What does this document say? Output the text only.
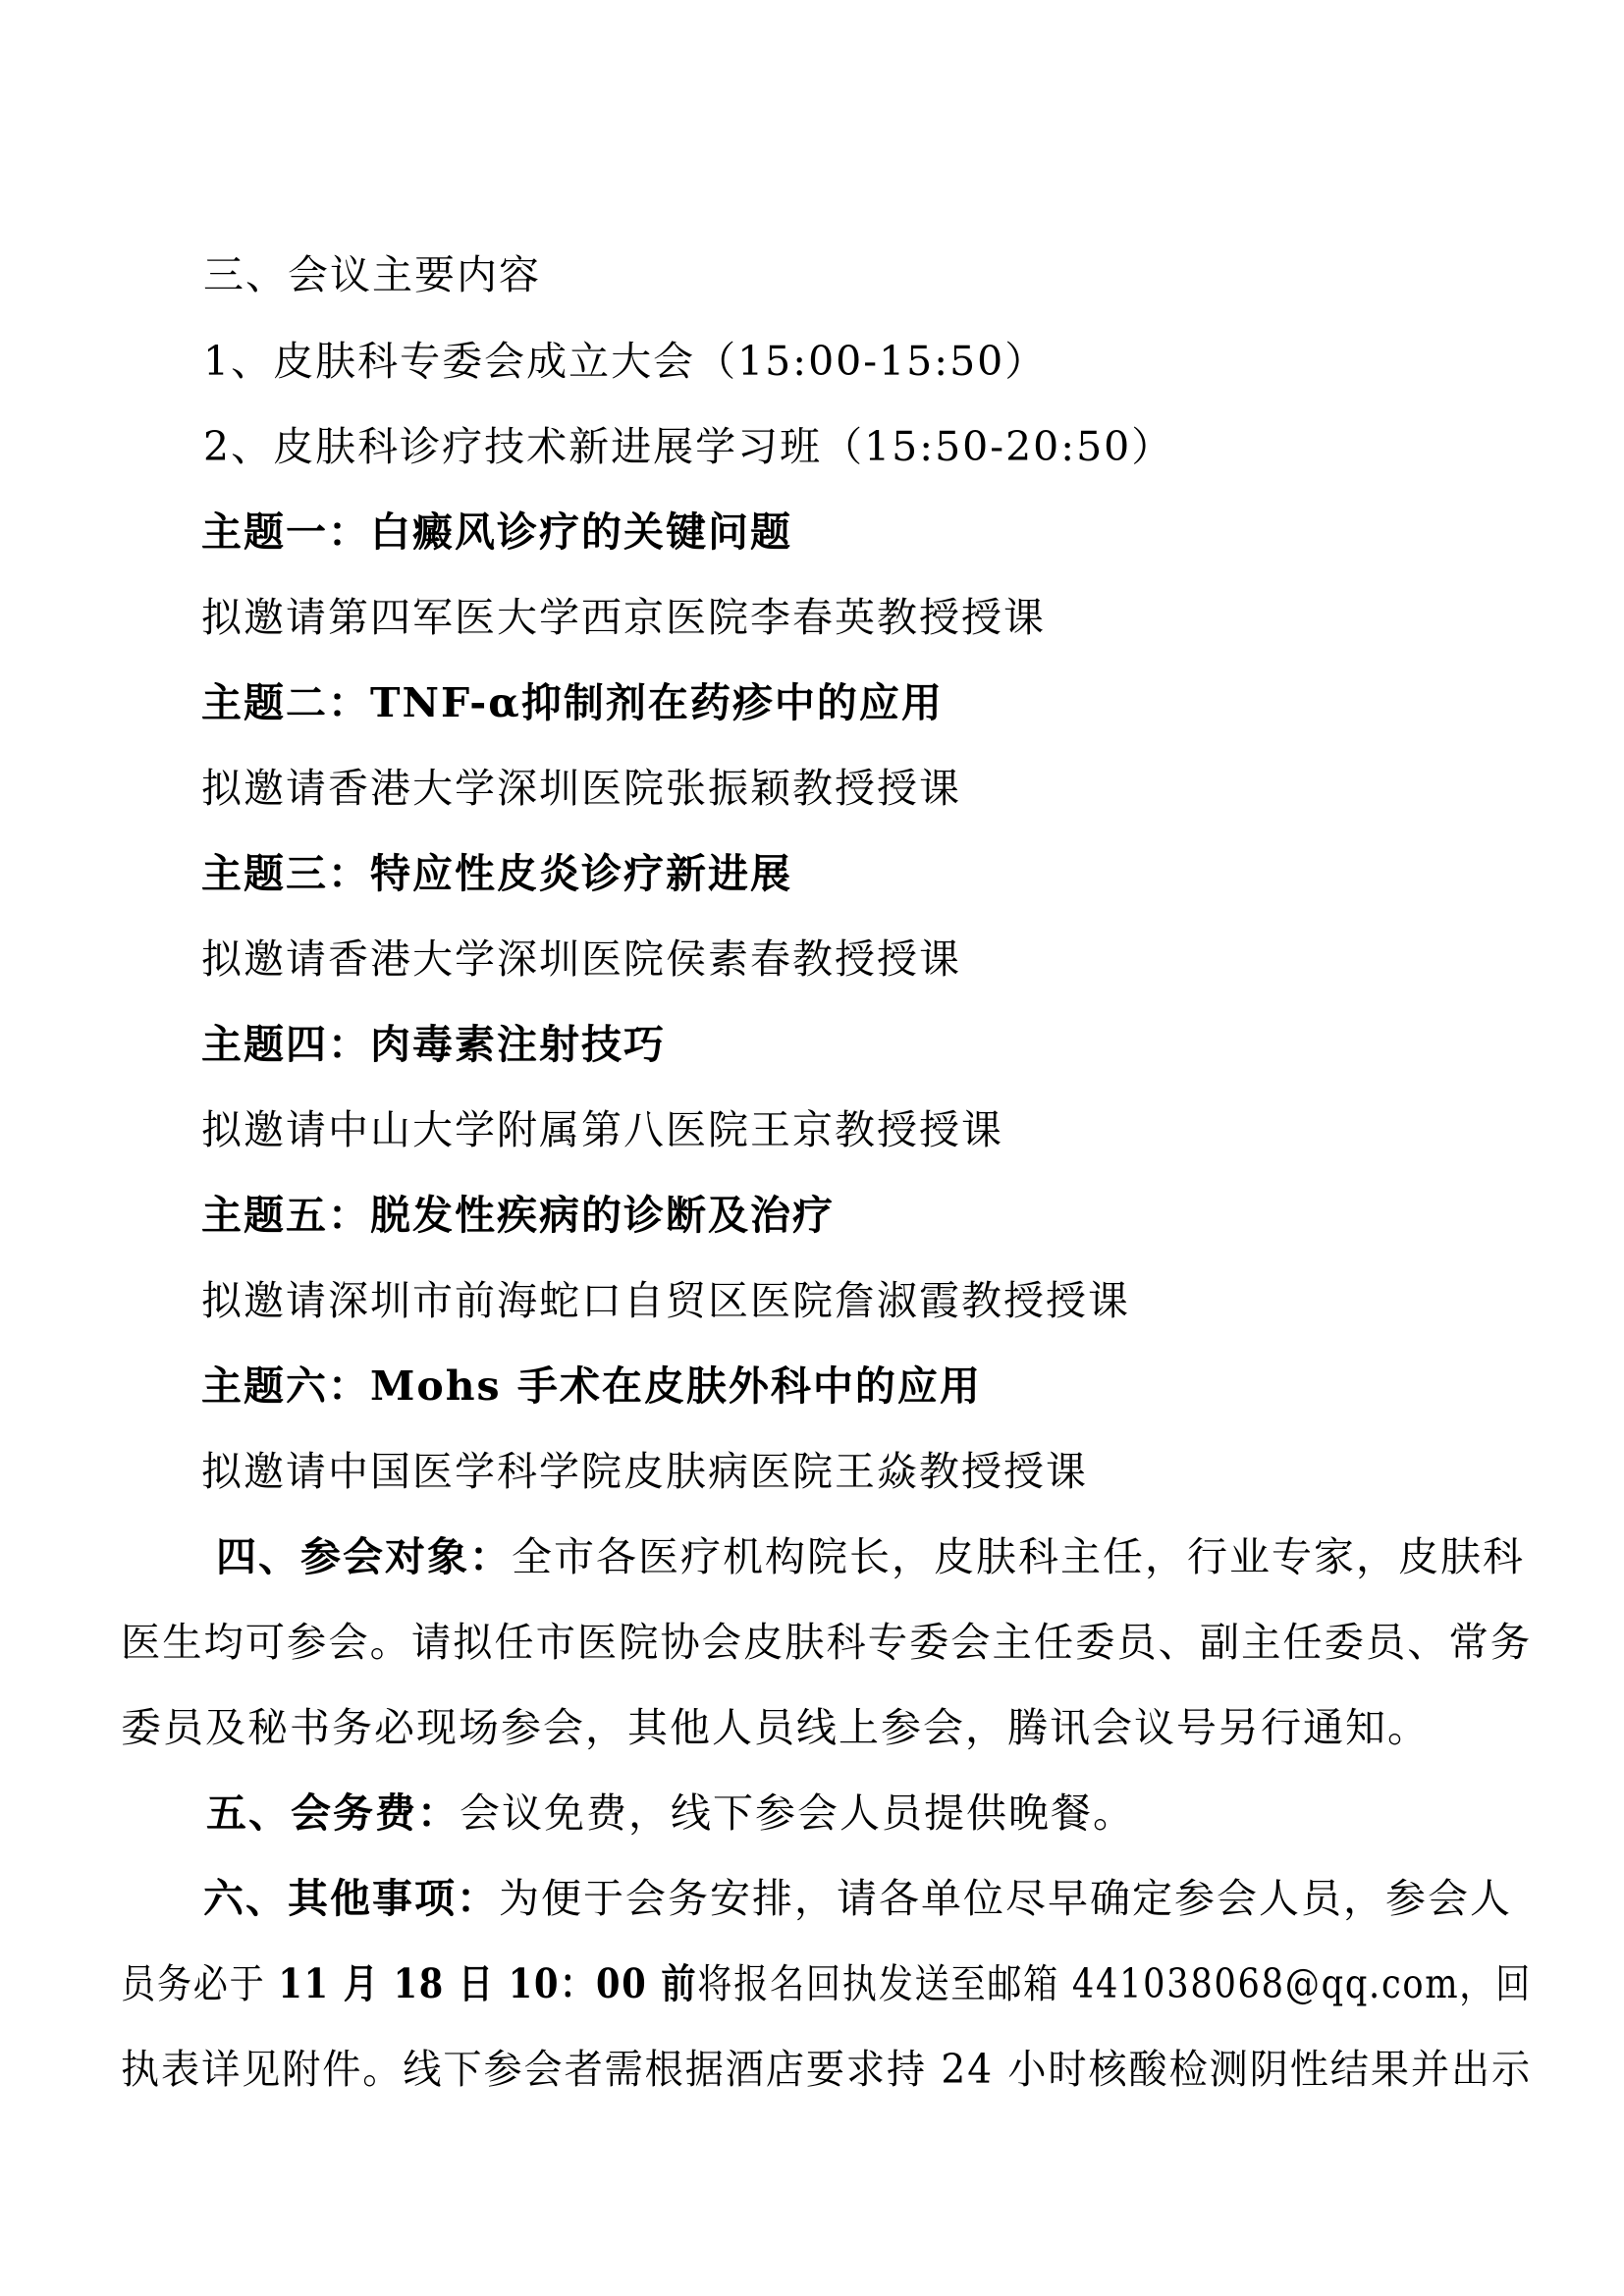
三、会议主要内容
1、皮肤科专委会成立大会（15:00-15:50）
2、皮肤科诊疗技术新进展学习班（15:50-20:50）
主题一：白癜风诊疗的关键问题
拟邀请第四军医大学西京医院李春英教授授课
主题二：TNF-α抑制剂在药疹中的应用
拟邀请香港大学深圳医院张振颖教授授课
主题三：特应性皮炎诊疗新进展
拟邀请香港大学深圳医院侯素春教授授课
主题四：肉毒素注射技巧
拟邀请中山大学附属第八医院王京教授授课
主题五：脱发性疾病的诊断及治疗
拟邀请深圳市前海蛇口自贸区医院詹淑霞教授授课
主题六：Mohs 手术在皮肤外科中的应用
拟邀请中国医学科学院皮肤病医院王焱教授授课
四、参会对象：全市各医疗机构院长，皮肤科主任，行业专家，皮肤科
医生均可参会。请拟任市医院协会皮肤科专委会主任委员、副主任委员、常务
委员及秘书务必现场参会，其他人员线上参会，腾讯会议号另行通知。
五、会务费：会议免费，线下参会人员提供晚餐。
六、其他事项：为便于会务安排，请各单位尽早确定参会人员，参会人
员务必于 11 月 18 日 10：00 前将报名回执发送至邮箱 441038068@qq.com，回
执表详见附件。线下参会者需根据酒店要求持 24 小时核酸检测阴性结果并出示
